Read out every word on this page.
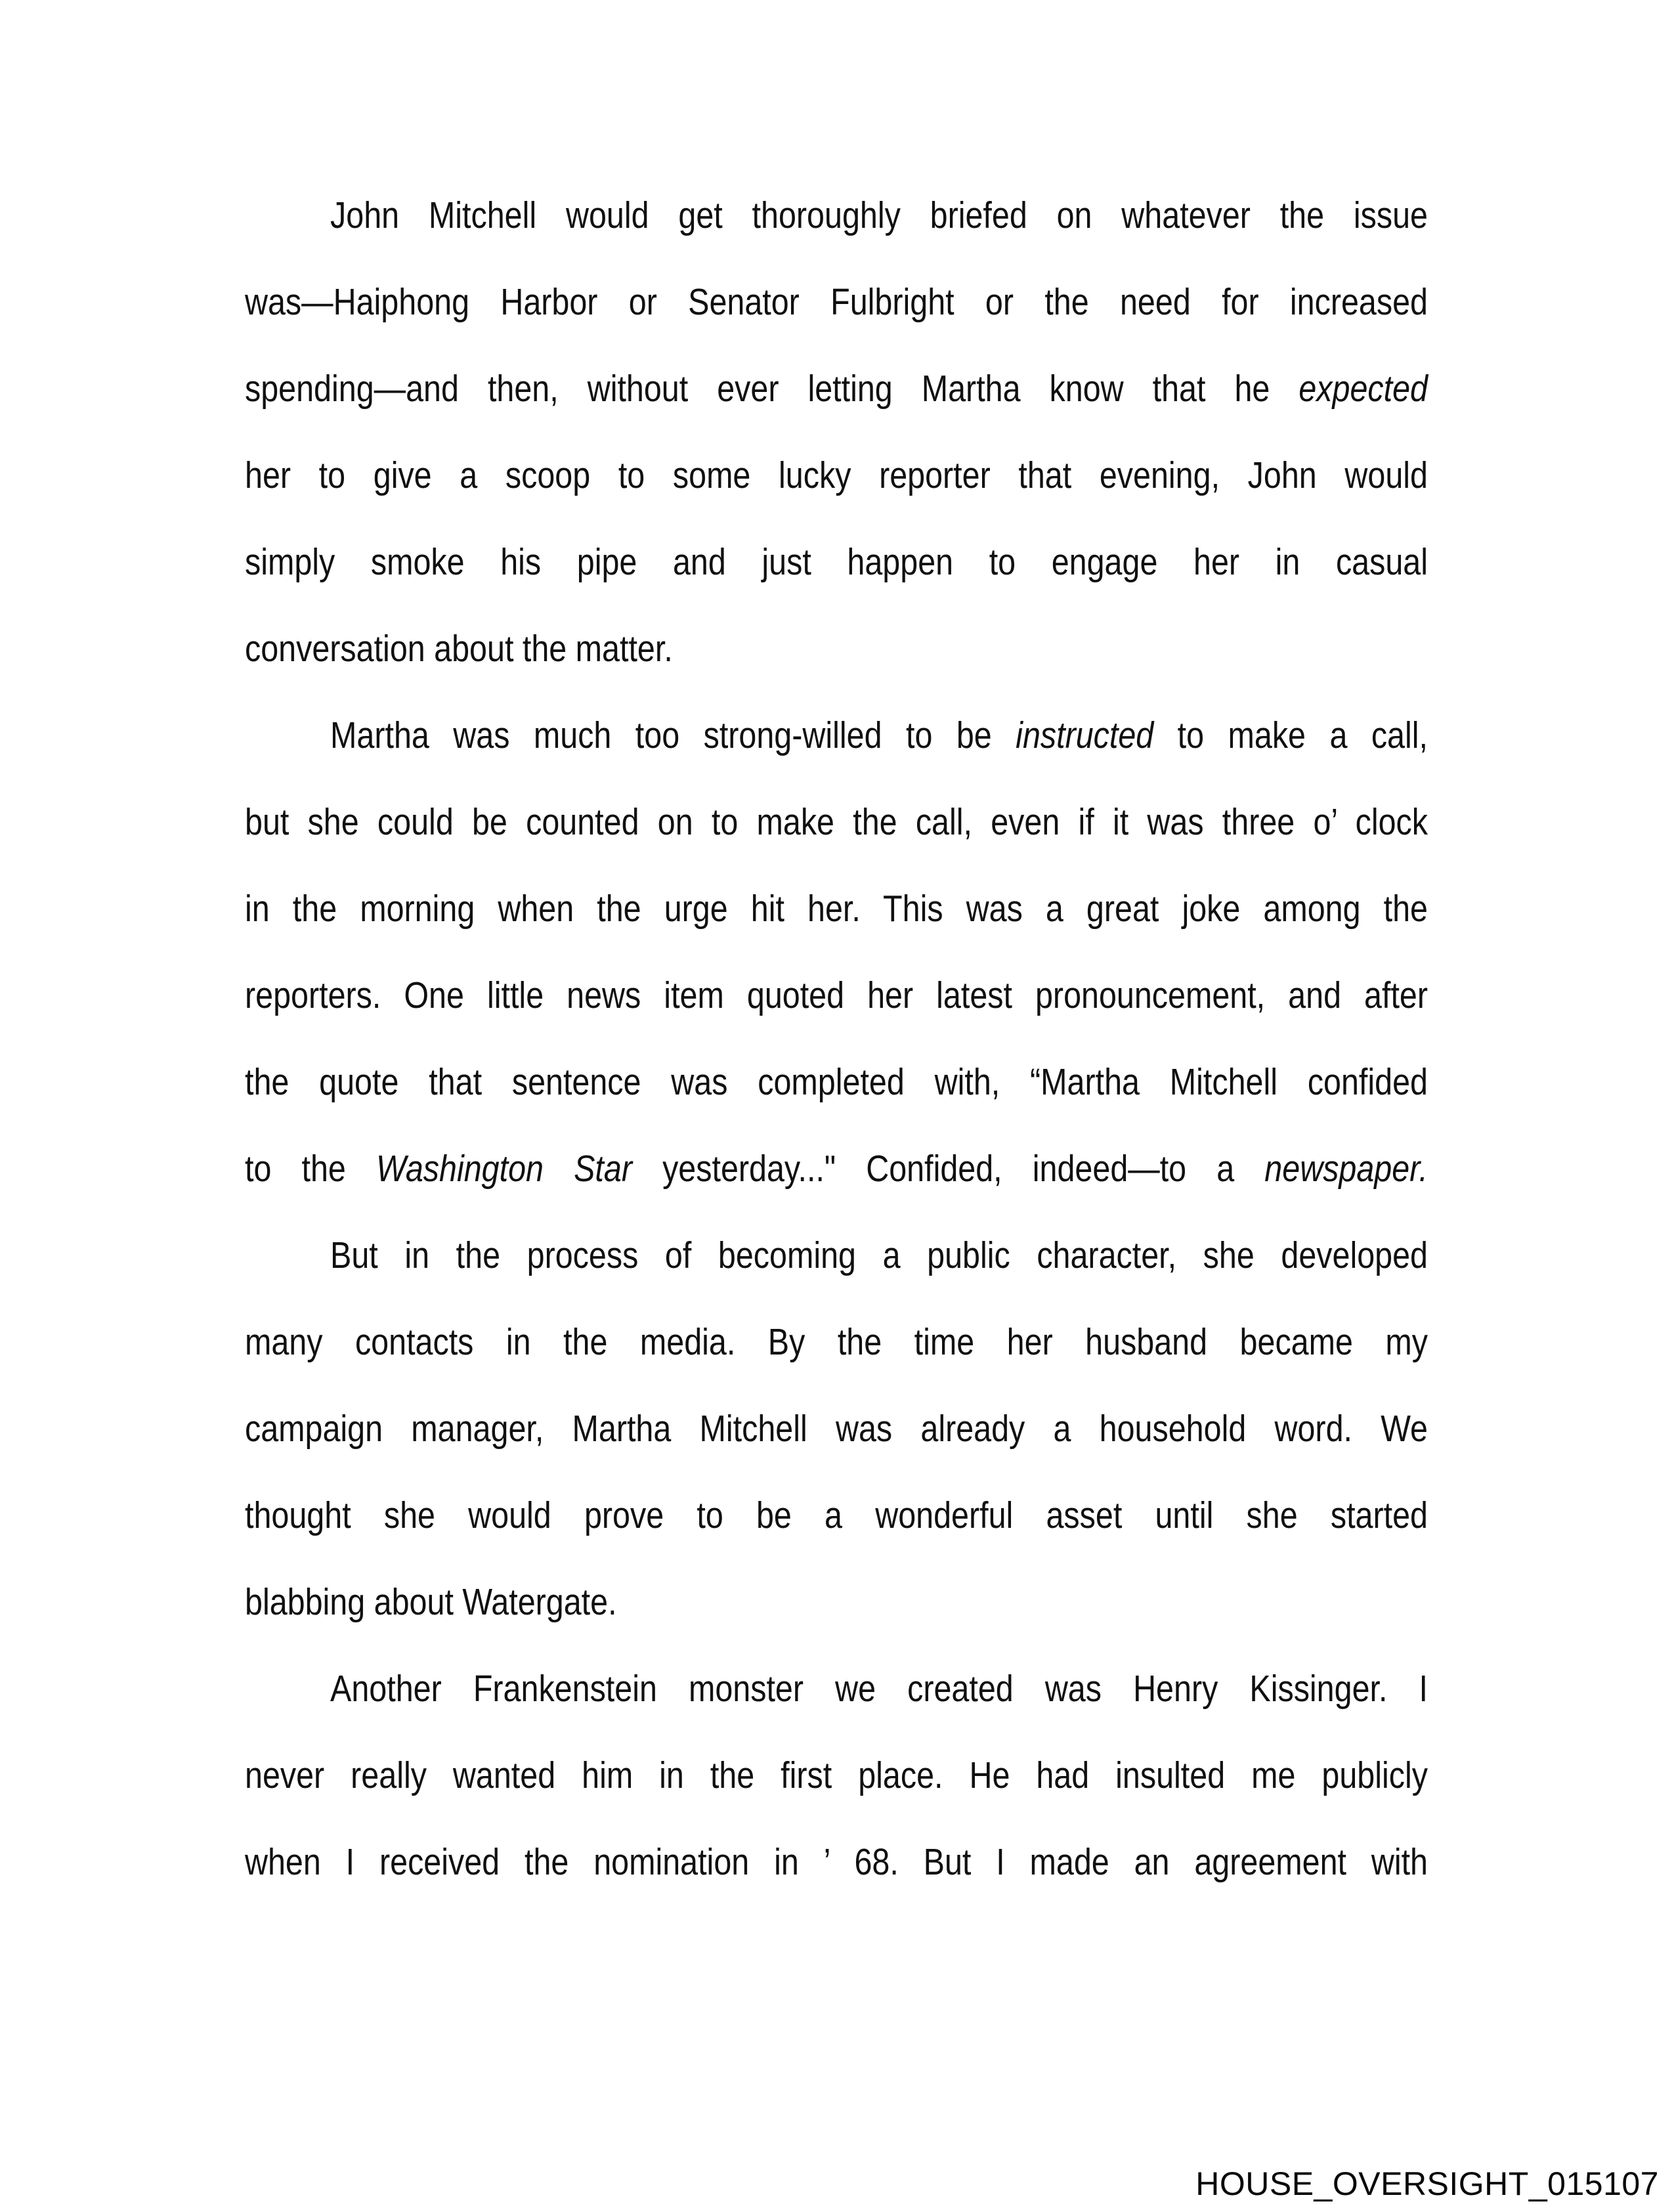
John Mitchell would get thoroughly briefed on whatever the issue
was—Haiphong Harbor or Senator Fulbright or the need for increased
spending—and then, without ever letting Martha know that he expected
her to give a scoop to some lucky reporter that evening, John would
simply smoke his pipe and just happen to engage her in casual
conversation about the matter.
Martha was much too strong-willed to be instructed to make a call,
but she could be counted on to make the call, even if it was three o’ clock
in the morning when the urge hit her. This was a great joke among the
reporters. One little news item quoted her latest pronouncement, and after
the quote that sentence was completed with, “Martha Mitchell confided
to the Washington Star yesterday..." Confided, indeed—to a newspaper.
But in the process of becoming a public character, she developed
many contacts in the media. By the time her husband became my
campaign manager, Martha Mitchell was already a household word. We
thought she would prove to be a wonderful asset until she started
blabbing about Watergate.
Another Frankenstein monster we created was Henry Kissinger. I
never really wanted him in the first place. He had insulted me publicly
when I received the nomination in ’ 68. But I made an agreement with
HOUSE_OVERSIGHT_015107
